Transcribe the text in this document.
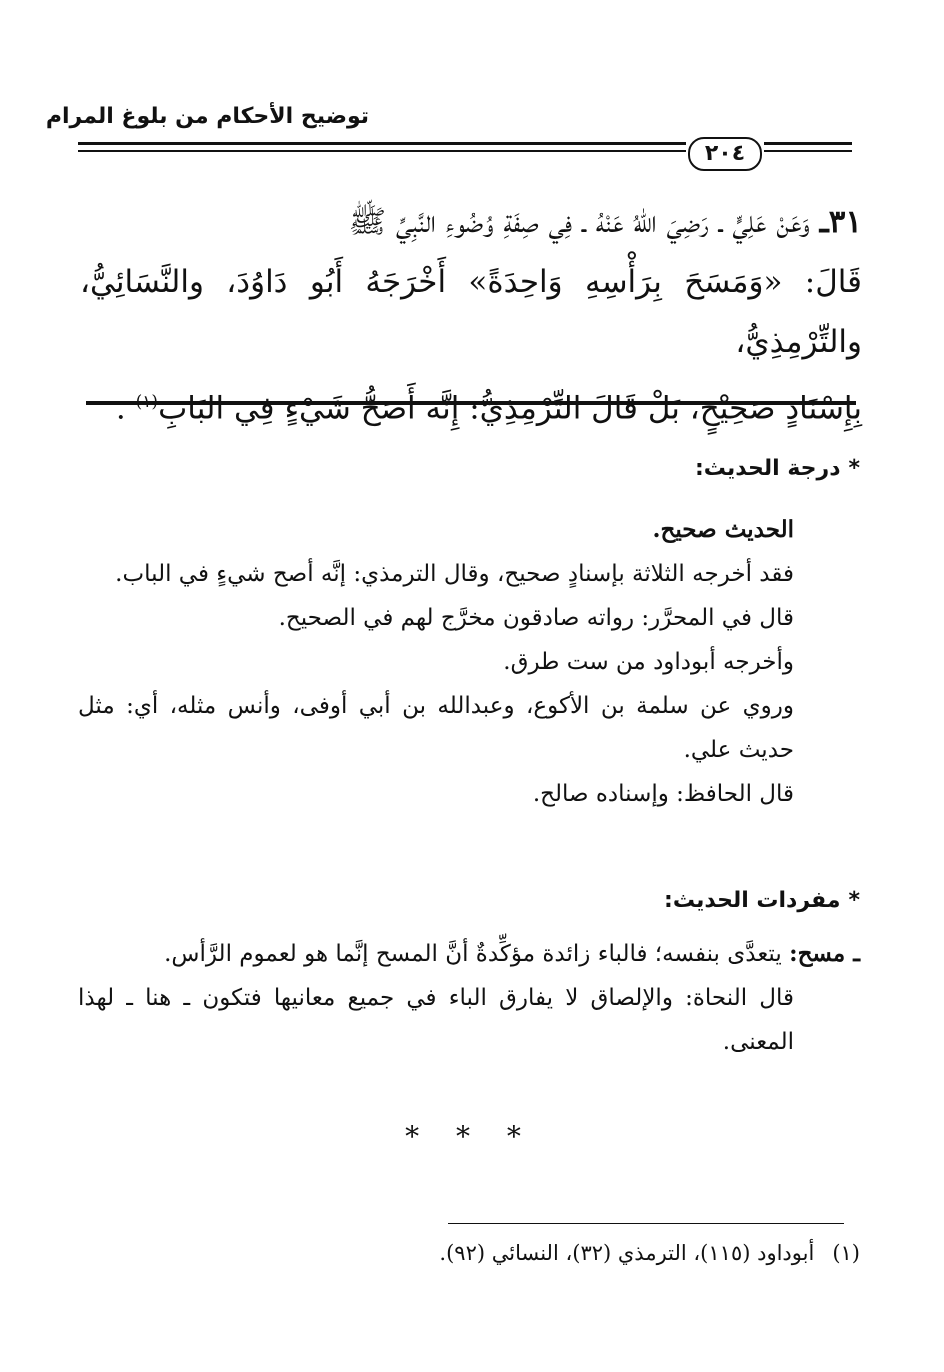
توضيح الأحكام من بلوغ المرام
٢٠٤
٣١ـ وَعَنْ عَلِيٍّ ـ رَضِيَ اللهُ عَنْهُ ـ فِي صِفَةِ وُضُوءِ النَّبِيِّ ﷺ
قَالَ: «وَمَسَحَ بِرَأْسِهِ وَاحِدَةً» أَخْرَجَهُ أَبُو دَاوُدَ، والنَّسَائِيُّ، والتِّرْمِذِيُّ،
بِإِسْنَادٍ صَحِيْحٍ، بَلْ قَالَ التِّرْمِذِيُّ: إِنَّه أَصَحُّ شَيْءٍ فِي البَابِ$^{(١)}$ .
*درجة الحديث:

الحديث صحيح.

فقد أخرجه الثلاثة بإسنادٍ صحيح، وقال الترمذي: إنَّه أصح شيءٍ في الباب.

قال في المحرَّر: رواته صادقون مخرَّج لهم في الصحيح.

وأخرجه أبوداود من ست طرق.

وروي عن سلمة بن الأكوع، وعبدالله بن أبي أوفى، وأنس مثله، أي: مثل حديث علي.

قال الحافظ: وإسناده صالح.

*مفردات الحديث:

ـ مسح: يتعدَّى بنفسه؛ فالباء زائدة مؤكِّدةٌ أنَّ المسح إنَّما هو لعموم الرَّأس.

قال النحاة: والإلصاق لا يفارق الباء في جميع معانيها فتكون ـ هنا ـ لهذا المعنى.

* * *
(١)أبوداود (١١٥)، الترمذي (٣٢)، النسائي (٩٢).
